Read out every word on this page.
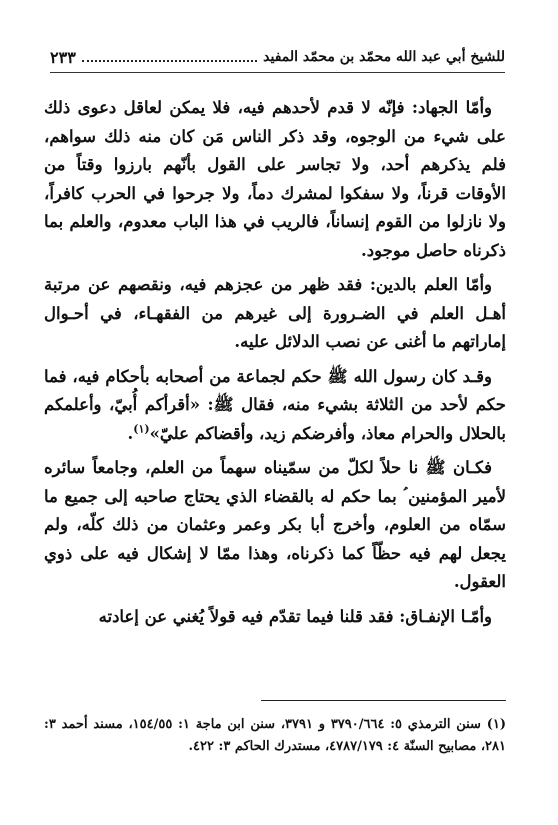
للشيخ أبي عبد الله محمّد بن محمّد المفيد
٢٣٣

وأمّا الجهاد: فإنّه لا قدم لأحدهم فيه، فلا يمكن لعاقل دعوى ذلك على شيء من الوجوه، وقد ذكر الناس مَن كان منه ذلك سواهم، فلم يذكرهم أحد، ولا تجاسر على القول بأنّهم بارزوا وقتاً من الأوقات قرناً، ولا سفكوا لمشرك دماً، ولا جرحوا في الحرب كافراً، ولا نازلوا من القوم إنساناً، فالريب في هذا الباب معدوم، والعلم بما ذكرناه حاصل موجود.

وأمّا العلم بالدين: فقد ظهر من عجزهم فيه، ونقصهم عن مرتبة أهـل العلم في الضـرورة إلى غيرهم من الفقهـاء، في أحـوال إماراتهم ما أغنى عن نصب الدلائل عليه.

وقـد كان رسول الله ﷺ حكم لجماعة من أصحابه بأحكام فيه، فما حكم لأحد من الثلاثة بشيء منه، فقال ﷺ: «أقرأكم أُبيّ، وأعلمكم بالحلال والحرام معاذ، وأفرضكم زيد، وأقضاكم عليّ»$^{(١)}$.

فكـان ﷺ نا حلاً لكلّ من سمّيناه سهماً من العلم، وجامعاً سائره لأمير المؤمنين ؑ بما حكم له بالقضاء الذي يحتاج صاحبه إلى جميع ما سمّاه من العلوم، وأخرج أبا بكر وعمر وعثمان من ذلك كلّه، ولم يجعل لهم فيه حظّاً كما ذكرناه، وهذا ممّا لا إشكال فيه على ذوي العقول.

وأمّـا الإنفـاق: فقد قلنا فيما تقدّم فيه قولاً يُغني عن إعادته

(١) سنن الترمذي ٥: ٣٧٩٠/٦٦٤ و ٣٧٩١، سنن ابن ماجة ١: ١٥٤/٥٥، مسند أحمد ٣: ٢٨١، مصابيح السنّة ٤: ٤٧٨٧/١٧٩، مستدرك الحاكم ٣: ٤٢٢.
